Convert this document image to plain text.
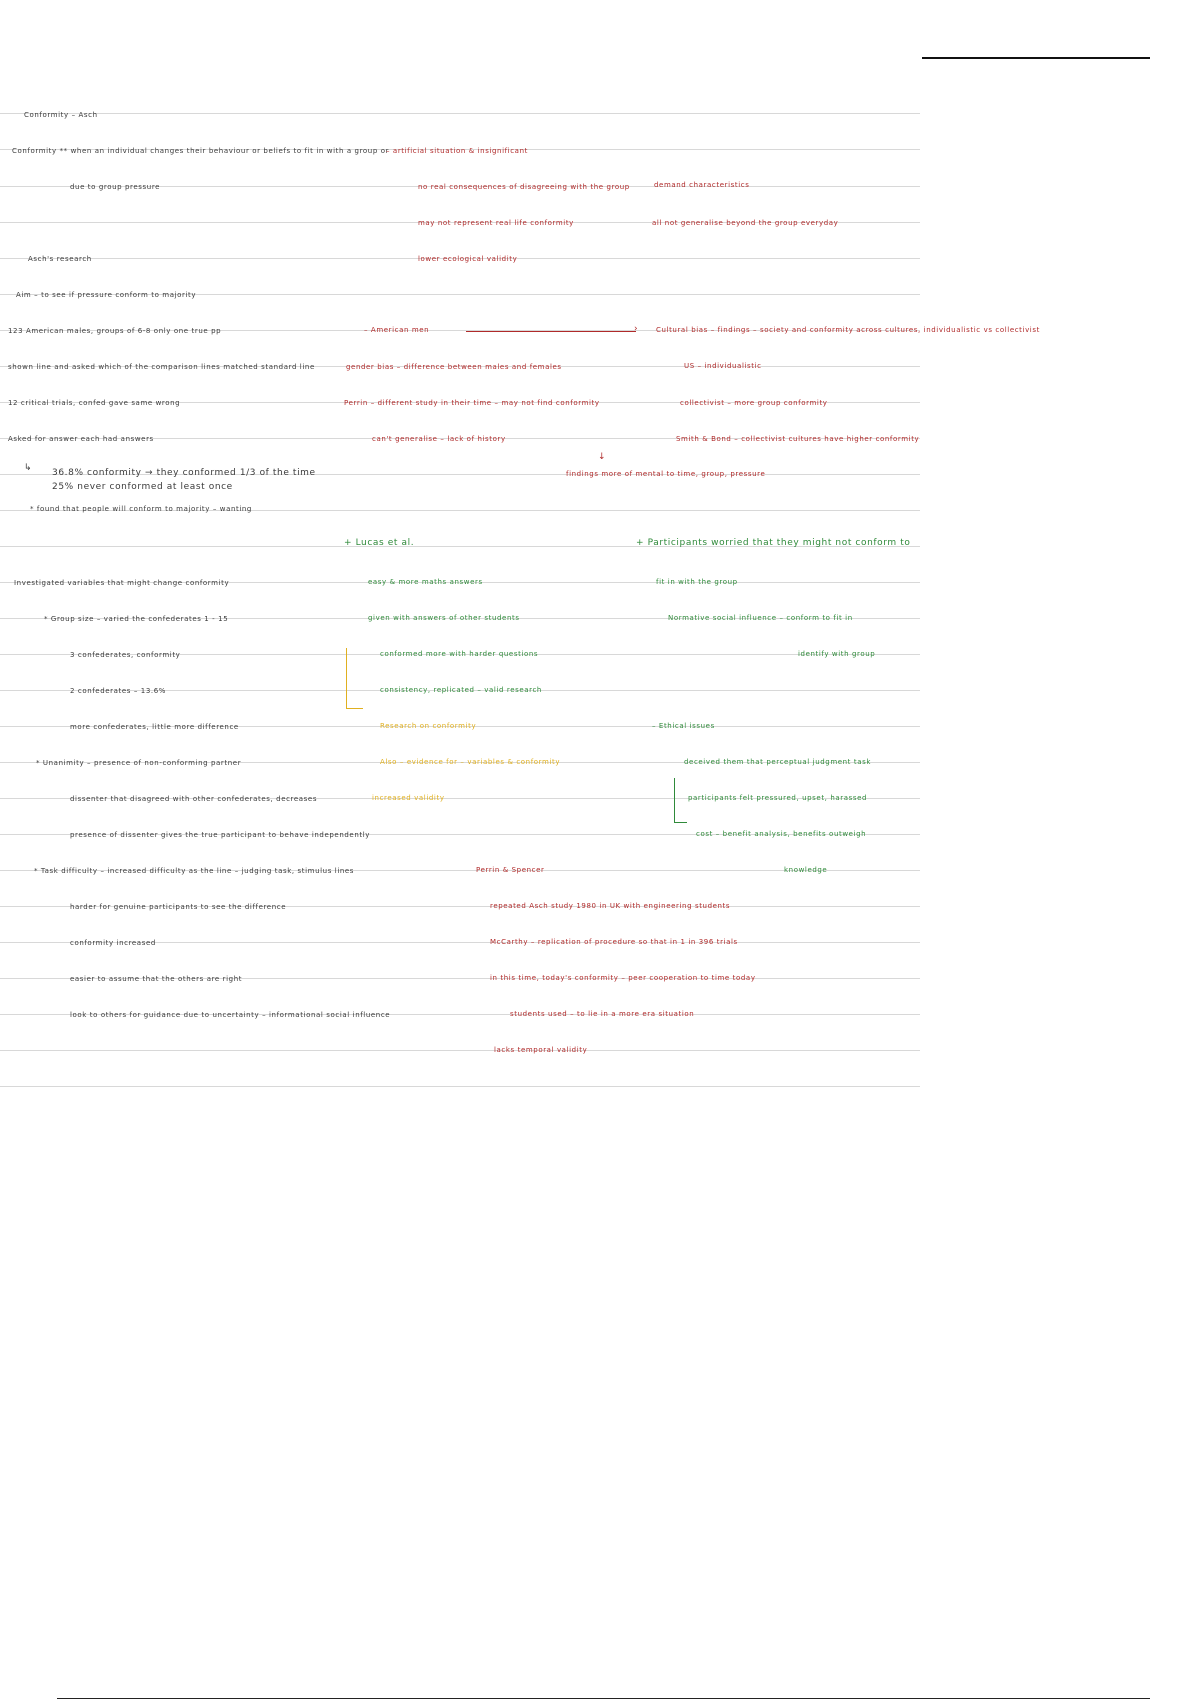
Conformity – Asch
Conformity ** when an individual changes their behaviour or beliefs to fit in with a group or
due to group pressure
Asch's research
Aim – to see if pressure conform to majority
123 American males, groups of 6-8 only one true pp
shown line and asked which of the comparison lines matched standard line
12 critical trials, confed gave same wrong
Asked for answer each had answers
↳ 36.8% conformity → they conformed 1/3 of the time
25% never conformed at least once
* found that people will conform to majority – wanting
Investigated variables that might change conformity
* Group size – varied the confederates 1 - 15
3 confederates, conformity
2 confederates – 13.6%
more confederates, little more difference
* Unanimity – presence of non-conforming partner
dissenter that disagreed with other confederates, decreases
presence of dissenter gives the true participant to behave independently
* Task difficulty – increased difficulty as the line – judging task, stimulus lines
harder for genuine participants to see the difference
conformity increased
easier to assume that the others are right
look to others for guidance due to uncertainty – informational social influence
– artificial situation & insignificant
no real consequences of disagreeing with the group	demand characteristics
may not represent real life conformity	all not generalise beyond the group everyday
lower ecological validity
– American men	›	Cultural bias – findings – society and conformity across cultures, individualistic vs collectivist
gender bias – difference between males and females	US – individualistic
Perrin – different study in their time – may not find conformity	collectivist – more group conformity
can't generalise – lack of history	Smith & Bond – collectivist cultures have higher conformity
↓
findings more of mental to time, group, pressure
+ Lucas et al.
easy & more maths answers
given with answers of other students
conformed more with harder questions
consistency, replicated – valid research
Research on conformity
Also – evidence for – variables & conformity
increased validity
+ Participants worried that they might not conform to
fit in with the group
Normative social influence – conform to fit in
identify with group
– Ethical issues
deceived them that perceptual judgment task
participants felt pressured, upset, harassed
cost – benefit analysis, benefits outweigh
knowledge
Perrin & Spencer
repeated Asch study 1980 in UK with engineering students
McCarthy – replication of procedure so that in 1 in 396 trials
in this time, today's conformity – peer cooperation to time today
students used – to lie in a more era situation
lacks temporal validity
